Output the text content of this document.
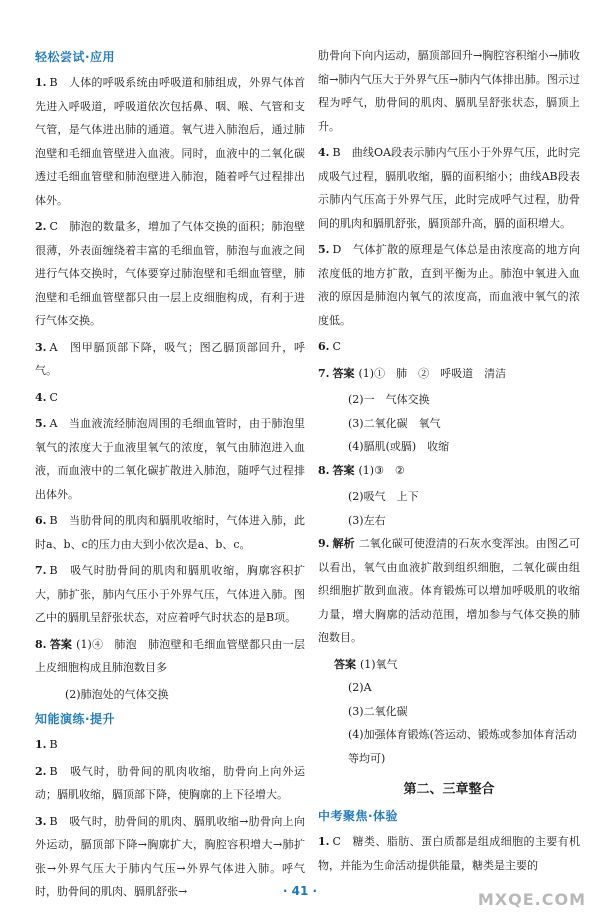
轻松尝试·应用
1. B　人体的呼吸系统由呼吸道和肺组成，外界气体首先进入呼吸道，呼吸道依次包括鼻、咽、喉、气管和支气管，是气体进出肺的通道。氧气进入肺泡后，通过肺泡壁和毛细血管壁进入血液。同时，血液中的二氧化碳透过毛细血管壁和肺泡壁进入肺泡，随着呼气过程排出体外。
2. C　肺泡的数量多，增加了气体交换的面积；肺泡壁很薄，外表面缠绕着丰富的毛细血管，肺泡与血液之间进行气体交换时，气体要穿过肺泡壁和毛细血管壁，肺泡壁和毛细血管壁都只由一层上皮细胞构成，有利于进行气体交换。
3. A　图甲膈顶部下降，吸气；图乙膈顶部回升，呼气。
4. C
5. A　当血液流经肺泡周围的毛细血管时，由于肺泡里氧气的浓度大于血液里氧气的浓度，氧气由肺泡进入血液，而血液中的二氧化碳扩散进入肺泡，随呼气过程排出体外。
6. B　当肋骨间的肌肉和膈肌收缩时，气体进入肺，此时a、b、c的压力由大到小依次是a、b、c。
7. B　吸气时肋骨间的肌肉和膈肌收缩，胸廓容积扩大，肺扩张，肺内气压小于外界气压，气体进入肺。图乙中的膈肌呈舒张状态，对应着呼气时状态的是B项。
8. 答案 (1)④　肺泡　肺泡壁和毛细血管壁都只由一层上皮细胞构成且肺泡数目多
(2)肺泡处的气体交换
知能演练·提升
1. B
2. B　吸气时，肋骨间的肌肉收缩，肋骨向上向外运动；膈肌收缩，膈顶部下降，使胸廓的上下径增大。
3. B　吸气时，肋骨间的肌肉、膈肌收缩→肋骨向上向外运动，膈顶部下降→胸廓扩大，胸腔容积增大→肺扩张→外界气压大于肺内气压→外界气体进入肺。呼气时，肋骨间的肌肉、膈肌舒张→
肋骨向下向内运动，膈顶部回升→胸腔容积缩小→肺收缩→肺内气压大于外界气压→肺内气体排出肺。图示过程为呼气，肋骨间的肌肉、膈肌呈舒张状态，膈顶上升。
4. B　曲线OA段表示肺内气压小于外界气压，此时完成吸气过程，膈肌收缩，膈的面积缩小；曲线AB段表示肺内气压高于外界气压，此时完成呼气过程，肋骨间的肌肉和膈肌舒张，膈顶部升高，膈的面积增大。
5. D　气体扩散的原理是气体总是由浓度高的地方向浓度低的地方扩散，直到平衡为止。肺泡中氧进入血液的原因是肺泡内氧气的浓度高，而血液中氧气的浓度低。
6. C
7. 答案 (1)①　肺　②　呼吸道　清洁
(2)一　气体交换
(3)二氧化碳　氧气
(4)膈肌(或膈)　收缩
8. 答案 (1)③　②
(2)吸气　上下
(3)左右
9. 解析 二氧化碳可使澄清的石灰水变浑浊。由图乙可以看出，氧气由血液扩散到组织细胞，二氧化碳由组织细胞扩散到血液。体育锻炼可以增加呼吸肌的收缩力量，增大胸廓的活动范围，增加参与气体交换的肺泡数目。
答案 (1)氧气
(2)A
(3)二氧化碳
(4)加强体育锻炼(答运动、锻炼或参加体育活动等均可)
第二、三章整合
中考聚焦·体验
1. C　糖类、脂肪、蛋白质都是组成细胞的主要有机物，并能为生命活动提供能量，糖类是主要的
· 41 ·	MXQE.COM
